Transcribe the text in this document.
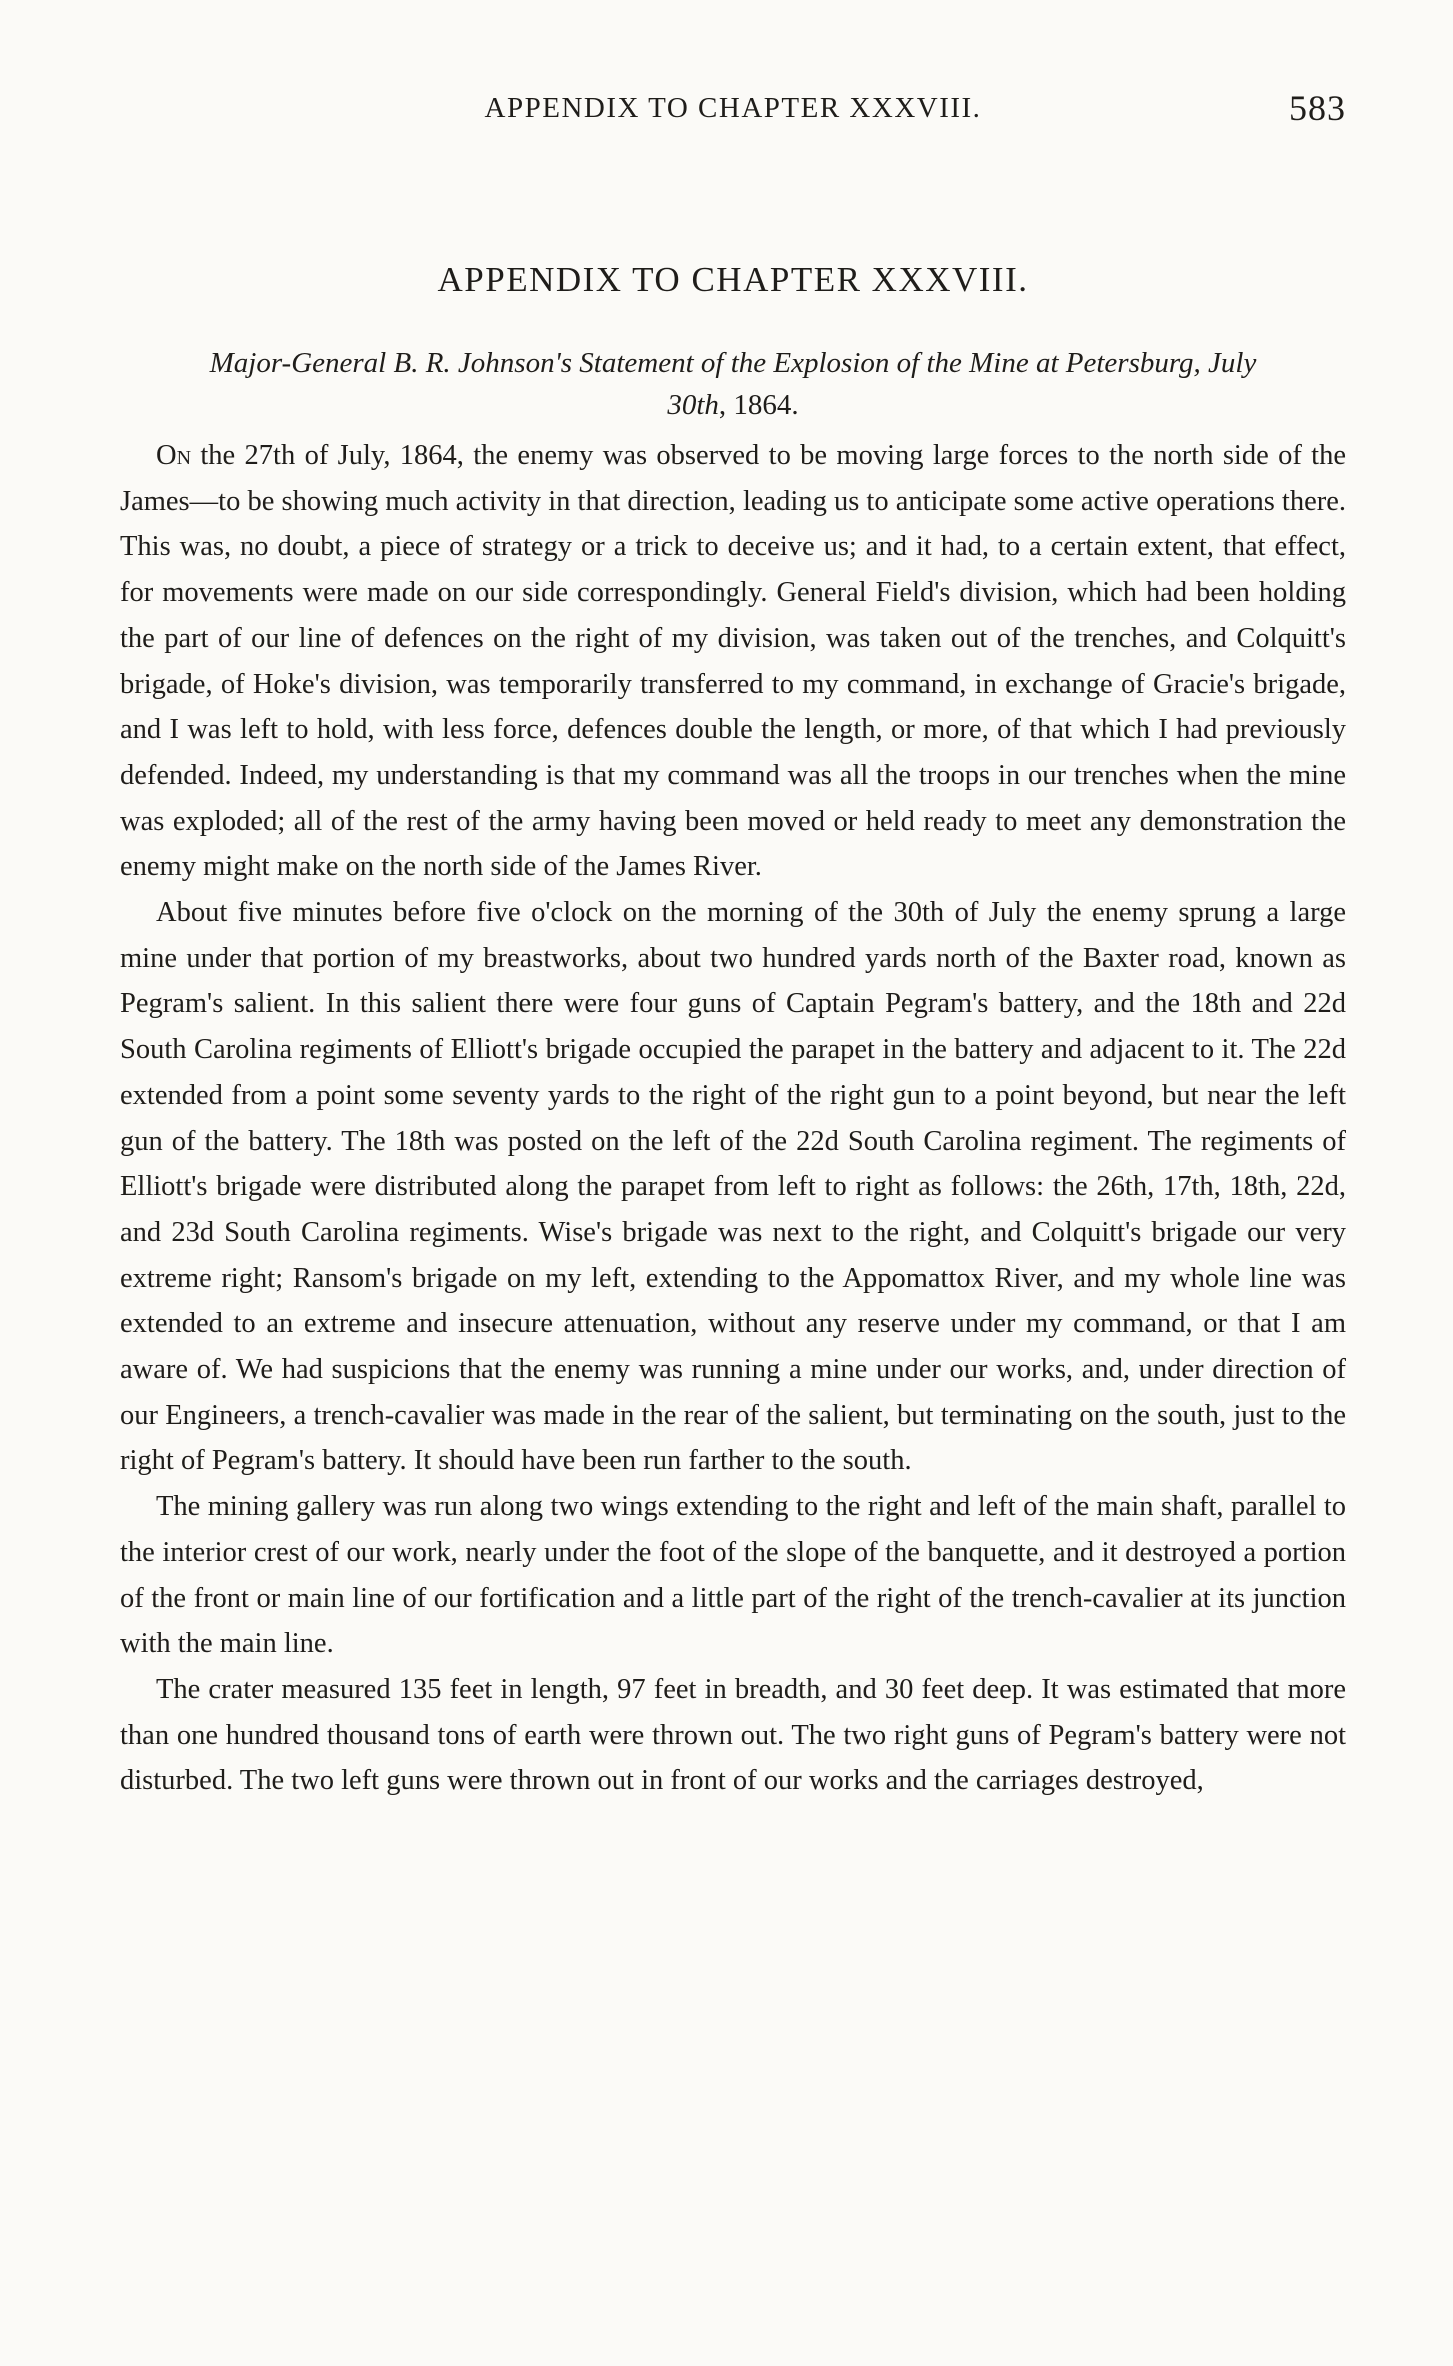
APPENDIX TO CHAPTER XXXVIII.	583
APPENDIX TO CHAPTER XXXVIII.
Major-General B. R. Johnson's Statement of the Explosion of the Mine at Petersburg, July 30th, 1864.

On the 27th of July, 1864, the enemy was observed to be moving large forces to the north side of the James—to be showing much activity in that direction, leading us to anticipate some active operations there. This was, no doubt, a piece of strategy or a trick to deceive us; and it had, to a certain extent, that effect, for movements were made on our side correspondingly. General Field's division, which had been holding the part of our line of defences on the right of my division, was taken out of the trenches, and Colquitt's brigade, of Hoke's division, was temporarily transferred to my command, in exchange of Gracie's brigade, and I was left to hold, with less force, defences double the length, or more, of that which I had previously defended. Indeed, my understanding is that my command was all the troops in our trenches when the mine was exploded; all of the rest of the army having been moved or held ready to meet any demonstration the enemy might make on the north side of the James River.

About five minutes before five o'clock on the morning of the 30th of July the enemy sprung a large mine under that portion of my breastworks, about two hundred yards north of the Baxter road, known as Pegram's salient. In this salient there were four guns of Captain Pegram's battery, and the 18th and 22d South Carolina regiments of Elliott's brigade occupied the parapet in the battery and adjacent to it. The 22d extended from a point some seventy yards to the right of the right gun to a point beyond, but near the left gun of the battery. The 18th was posted on the left of the 22d South Carolina regiment. The regiments of Elliott's brigade were distributed along the parapet from left to right as follows: the 26th, 17th, 18th, 22d, and 23d South Carolina regiments. Wise's brigade was next to the right, and Colquitt's brigade our very extreme right; Ransom's brigade on my left, extending to the Appomattox River, and my whole line was extended to an extreme and insecure attenuation, without any reserve under my command, or that I am aware of. We had suspicions that the enemy was running a mine under our works, and, under direction of our Engineers, a trench-cavalier was made in the rear of the salient, but terminating on the south, just to the right of Pegram's battery. It should have been run farther to the south.

The mining gallery was run along two wings extending to the right and left of the main shaft, parallel to the interior crest of our work, nearly under the foot of the slope of the banquette, and it destroyed a portion of the front or main line of our fortification and a little part of the right of the trench-cavalier at its junction with the main line.

The crater measured 135 feet in length, 97 feet in breadth, and 30 feet deep. It was estimated that more than one hundred thousand tons of earth were thrown out. The two right guns of Pegram's battery were not disturbed. The two left guns were thrown out in front of our works and the carriages destroyed,
